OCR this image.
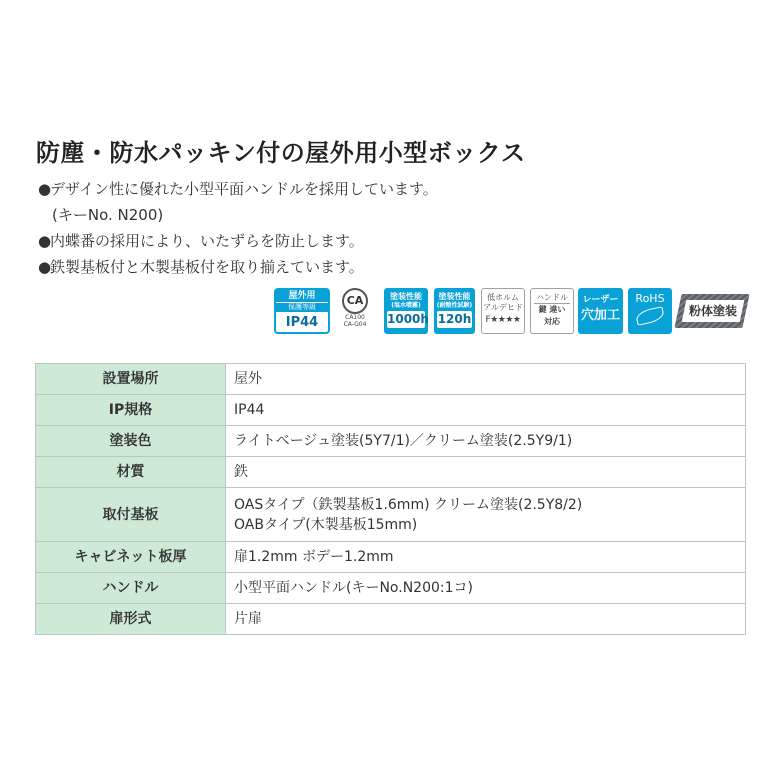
防塵・防水パッキン付の屋外用小型ボックス
●デザイン性に優れた小型平面ハンドルを採用しています。
(キーNo. N200)
●内蝶番の採用により、いたずらを防止します。
●鉄製基板付と木製基板付を取り揃えています。
屋外用
保護等級
IP44
CA
CA100
CA-G04
塗装性能
(塩水噴霧)
1000h
塗装性能
(耐酸性試験)
120h
低ホルム
アルデヒド
F★★★★
ハンドル
鍵 違い
対応
レーザー
穴加工
RoHS
粉体塗装
設置場所	屋外
IP規格	IP44
塗装色	ライトベージュ塗装(5Y7/1)／クリーム塗装(2.5Y9/1)
材質	鉄
取付基板	OASタイプ（鉄製基板1.6mm) クリーム塗装(2.5Y8/2)
OABタイプ(木製基板15mm)

キャビネット板厚	扉1.2mm ボデー1.2mm
ハンドル	小型平面ハンドル(キーNo.N200:1コ)
扉形式	片扉
